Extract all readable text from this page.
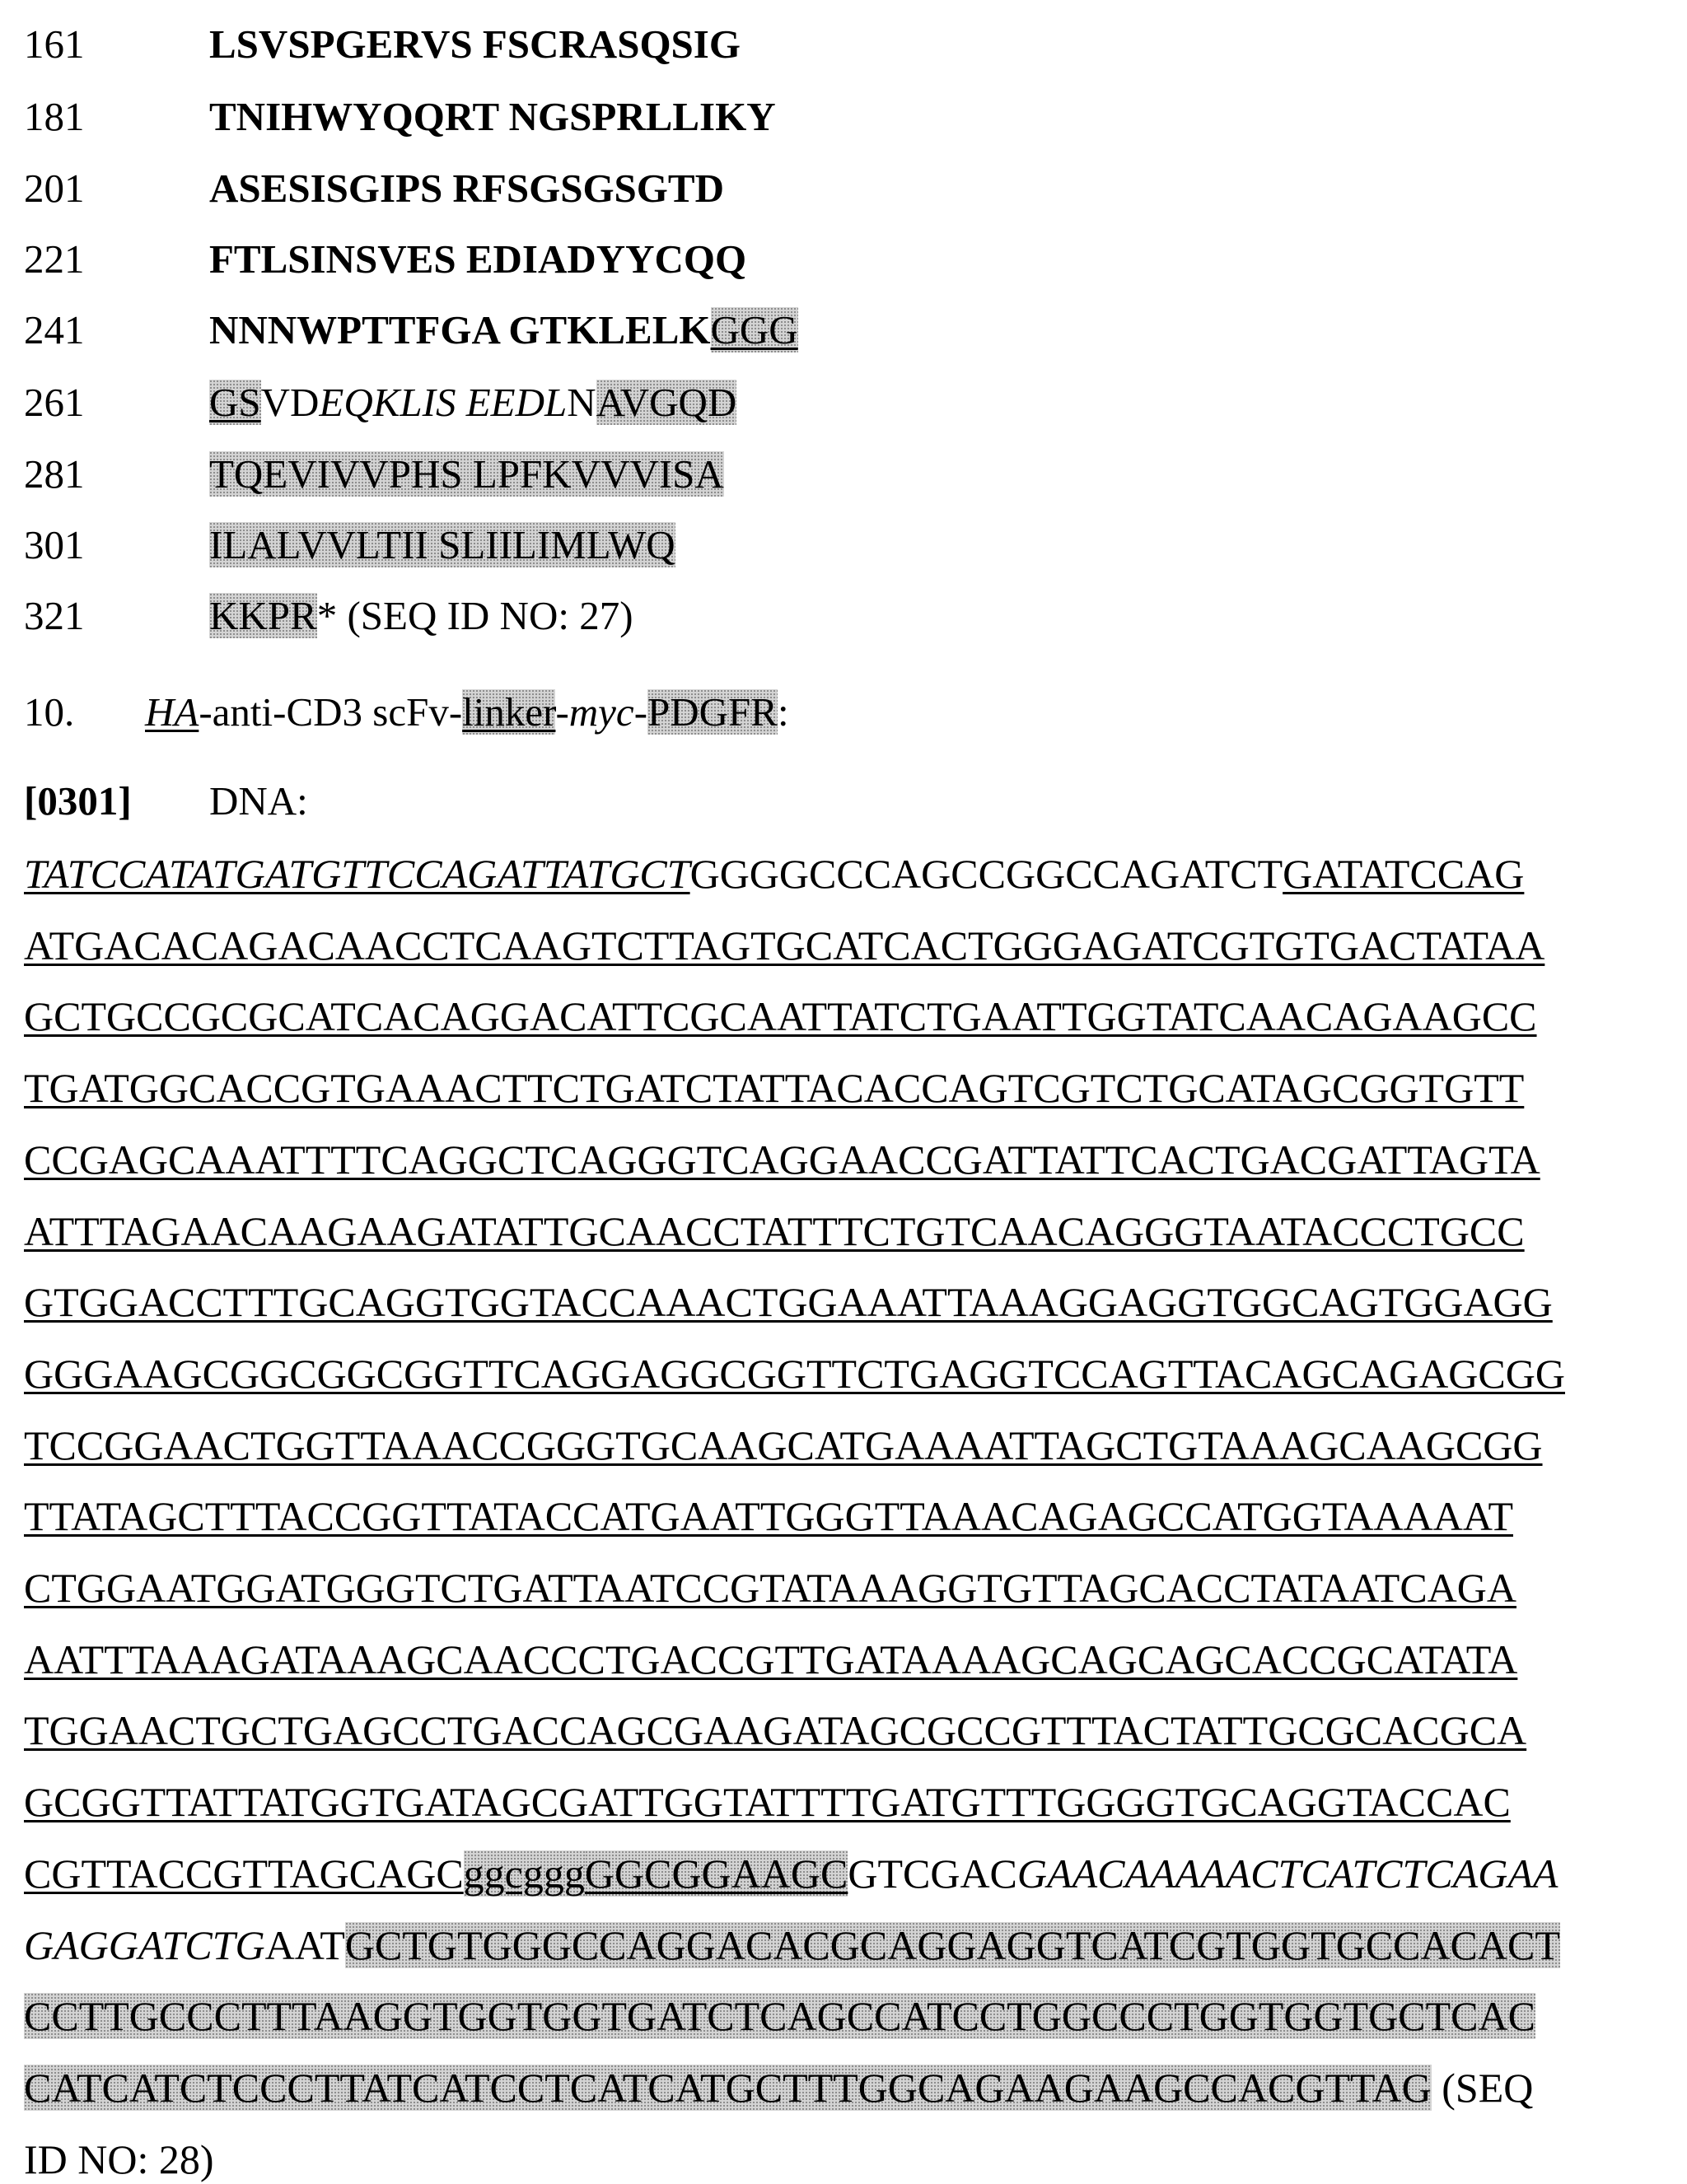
161	LSVSPGERVS FSCRASQSIG
181	TNIHWYQQRT NGSPRLLIKY
201	ASESISGIPS RFSGSGSGTD
221	FTLSINSVES EDIADYYCQQ
241	NNNWPTTFGA GTKLELKGGG
261	GSVDEQKLIS EEDLNAVGQD
281	TQEVIVVPHS LPFKVVVISA
301	ILALVVLTII SLIILIMLWQ
321	KKPR* (SEQ ID NO: 27)
10. HA-anti-CD3 scFv-linker-myc-PDGFR:
[0301] DNA:
TATCCATATGATGTTCCAGATTATGCTGGGGCCCAGCCGGCCAGATCTGATATCCAG
ATGACACAGACAACCTCAAGTCTTAGTGCATCACTGGGAGATCGTGTGACTATAA
GCTGCCGCGCATCACAGGACATTCGCAATTATCTGAATTGGTATCAACAGAAGCC
TGATGGCACCGTGAAACTTCTGATCTATTACACCAGTCGTCTGCATAGCGGTGTT
CCGAGCAAATTTTCAGGCTCAGGGTCAGGAACCGATTATTCACTGACGATTAGTA
ATTTAGAACAAGAAGATATTGCAACCTATTTCTGTCAACAGGGTAATACCCTGCC
GTGGACCTTTGCAGGTGGTACCAAACTGGAAATTAAAGGAGGTGGCAGTGGAGG
GGGAAGCGGCGGCGGTTCAGGAGGCGGTTCTGAGGTCCAGTTACAGCAGAGCGG
TCCGGAACTGGTTAAACCGGGTGCAAGCATGAAAATTAGCTGTAAAGCAAGCGG
TTATAGCTTTACCGGTTATACCATGAATTGGGTTAAACAGAGCCATGGTAAAAAT
CTGGAATGGATGGGTCTGATTAATCCGTATAAAGGTGTTAGCACCTATAATCAGA
AATTTAAAGATAAAGCAACCCTGACCGTTGATAAAAGCAGCAGCACCGCATATA
TGGAACTGCTGAGCCTGACCAGCGAAGATAGCGCCGTTTACTATTGCGCACGCA
GCGGTTATTATGGTGATAGCGATTGGTATTTTGATGTTTGGGGTGCAGGTACCAC
CGTTACCGTTAGCAGCggcgggGGCGGAAGCGTCGACGAACAAAAACTCATCTCAGAA
GAGGATCTGAATGCTGTGGGCCAGGACACGCAGGAGGTCATCGTGGTGCCACACT
CCTTGCCCTTTAAGGTGGTGGTGATCTCAGCCATCCTGGCCCTGGTGGTGCTCAC
CATCATCTCCCTTATCATCCTCATCATGCTTTGGCAGAAGAAGCCACGTTAG (SEQ
ID NO: 28)
